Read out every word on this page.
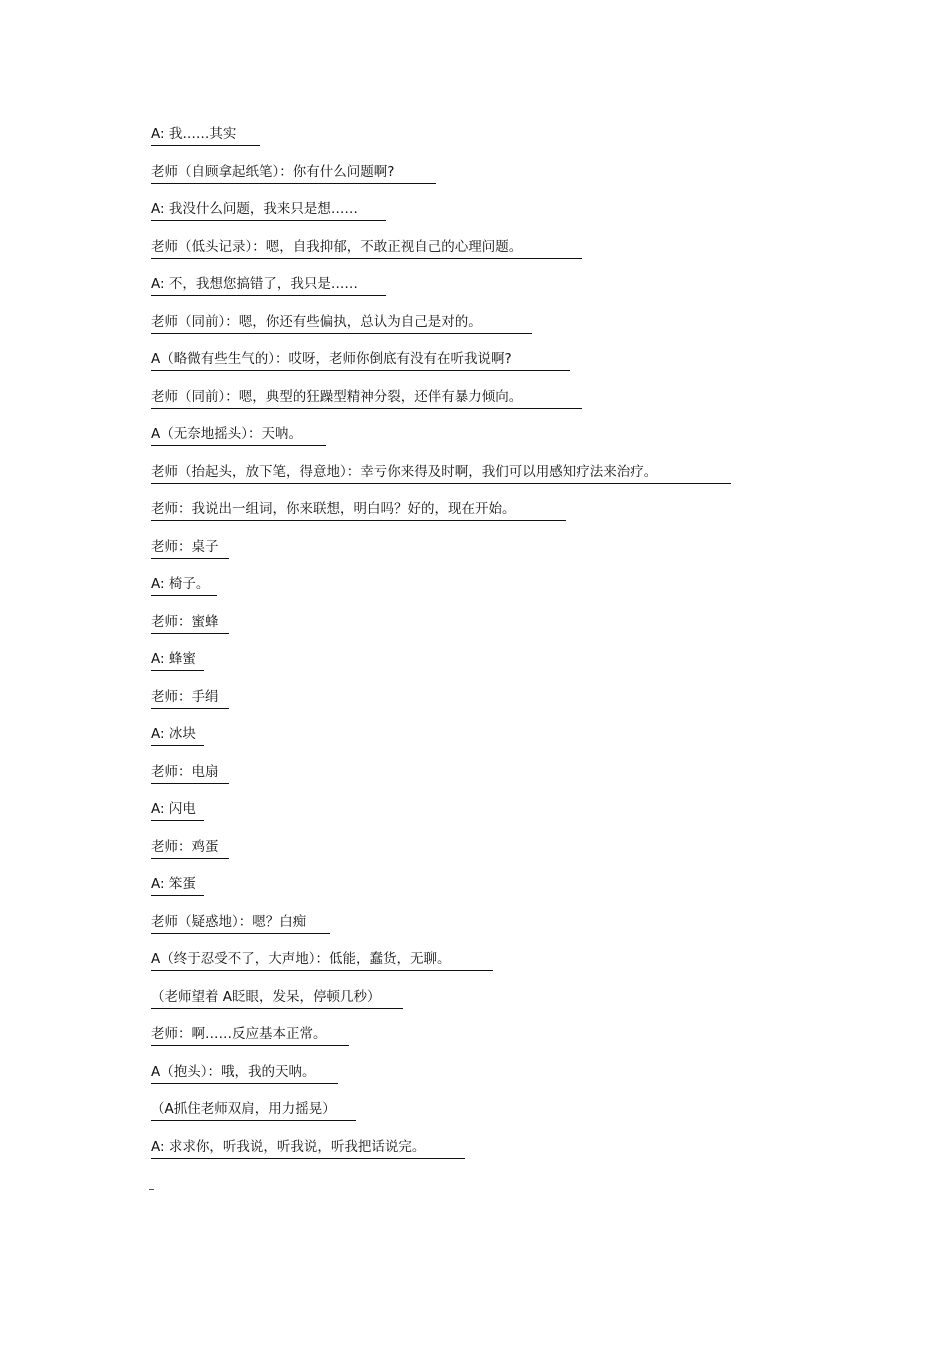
A: 我……其实
老师（自顾拿起纸笔）：你有什么问题啊?
A: 我没什么问题，我来只是想……
老师（低头记录）：嗯，自我抑郁，不敢正视自己的心理问题。
A: 不，我想您搞错了，我只是……
老师（同前）：嗯，你还有些偏执，总认为自己是对的。
A（略微有些生气的）：哎呀，老师你倒底有没有在听我说啊?
老师（同前）：嗯，典型的狂躁型精神分裂，还伴有暴力倾向。
A（无奈地摇头）：天呐。
老师（抬起头，放下笔，得意地）：幸亏你来得及时啊，我们可以用感知疗法来治疗。
老师：我说出一组词，你来联想，明白吗？好的，现在开始。
老师：桌子
A: 椅子。
老师：蜜蜂
A: 蜂蜜
老师：手绢
A: 冰块
老师：电扇
A: 闪电
老师：鸡蛋
A: 笨蛋
老师（疑惑地）：嗯？白痴
A（终于忍受不了，大声地）：低能，蠢货，无聊。
（老师望着 A眨眼，发呆，停顿几秒）
老师：啊……反应基本正常。
A（抱头）：哦，我的天呐。
（A抓住老师双肩，用力摇晃）
A: 求求你，听我说，听我说，听我把话说完。
